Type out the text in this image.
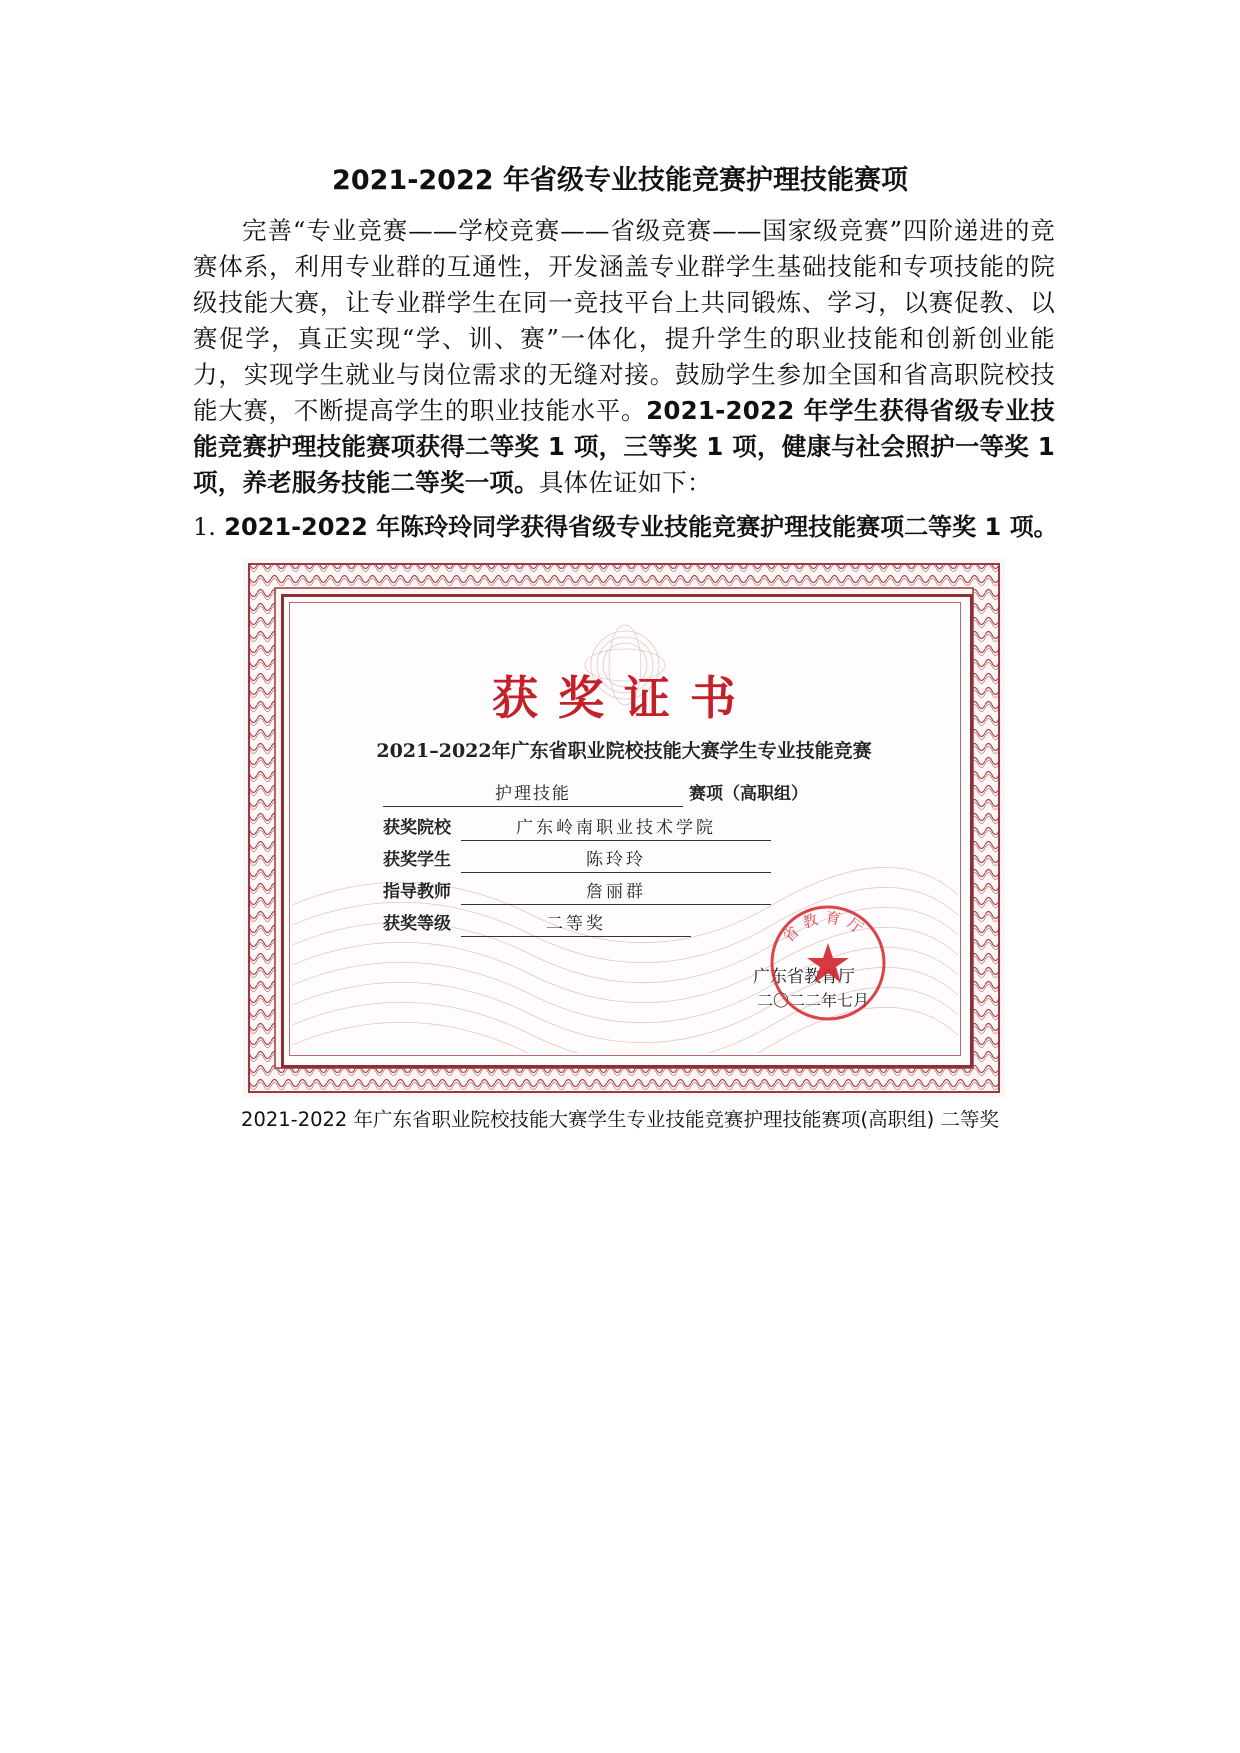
2021-2022 年省级专业技能竞赛护理技能赛项

完善“专业竞赛——学校竞赛——省级竞赛——国家级竞赛”四阶递进的竞赛体系，利用专业群的互通性，开发涵盖专业群学生基础技能和专项技能的院级技能大赛，让专业群学生在同一竞技平台上共同锻炼、学习，以赛促教、以赛促学，真正实现“学、训、赛”一体化，提升学生的职业技能和创新创业能力，实现学生就业与岗位需求的无缝对接。鼓励学生参加全国和省高职院校技能大赛，不断提高学生的职业技能水平。2021-2022 年学生获得省级专业技能竞赛护理技能赛项获得二等奖 1 项，三等奖 1 项，健康与社会照护一等奖 1 项，养老服务技能二等奖一项。具体佐证如下：

1. 2021-2022 年陈玲玲同学获得省级专业技能竞赛护理技能赛项二等奖 1 项。

获奖证书

2021–2022年广东省职业院校技能大赛学生专业技能竞赛

护理技能	赛项（高职组）
获奖院校	广东岭南职业技术学院
获奖学生	陈玲玲
指导教师	詹丽群
获奖等级	二等奖
广东省教育厅
二〇二二年七月
省教育厅

2021-2022 年广东省职业院校技能大赛学生专业技能竞赛护理技能赛项(高职组) 二等奖
